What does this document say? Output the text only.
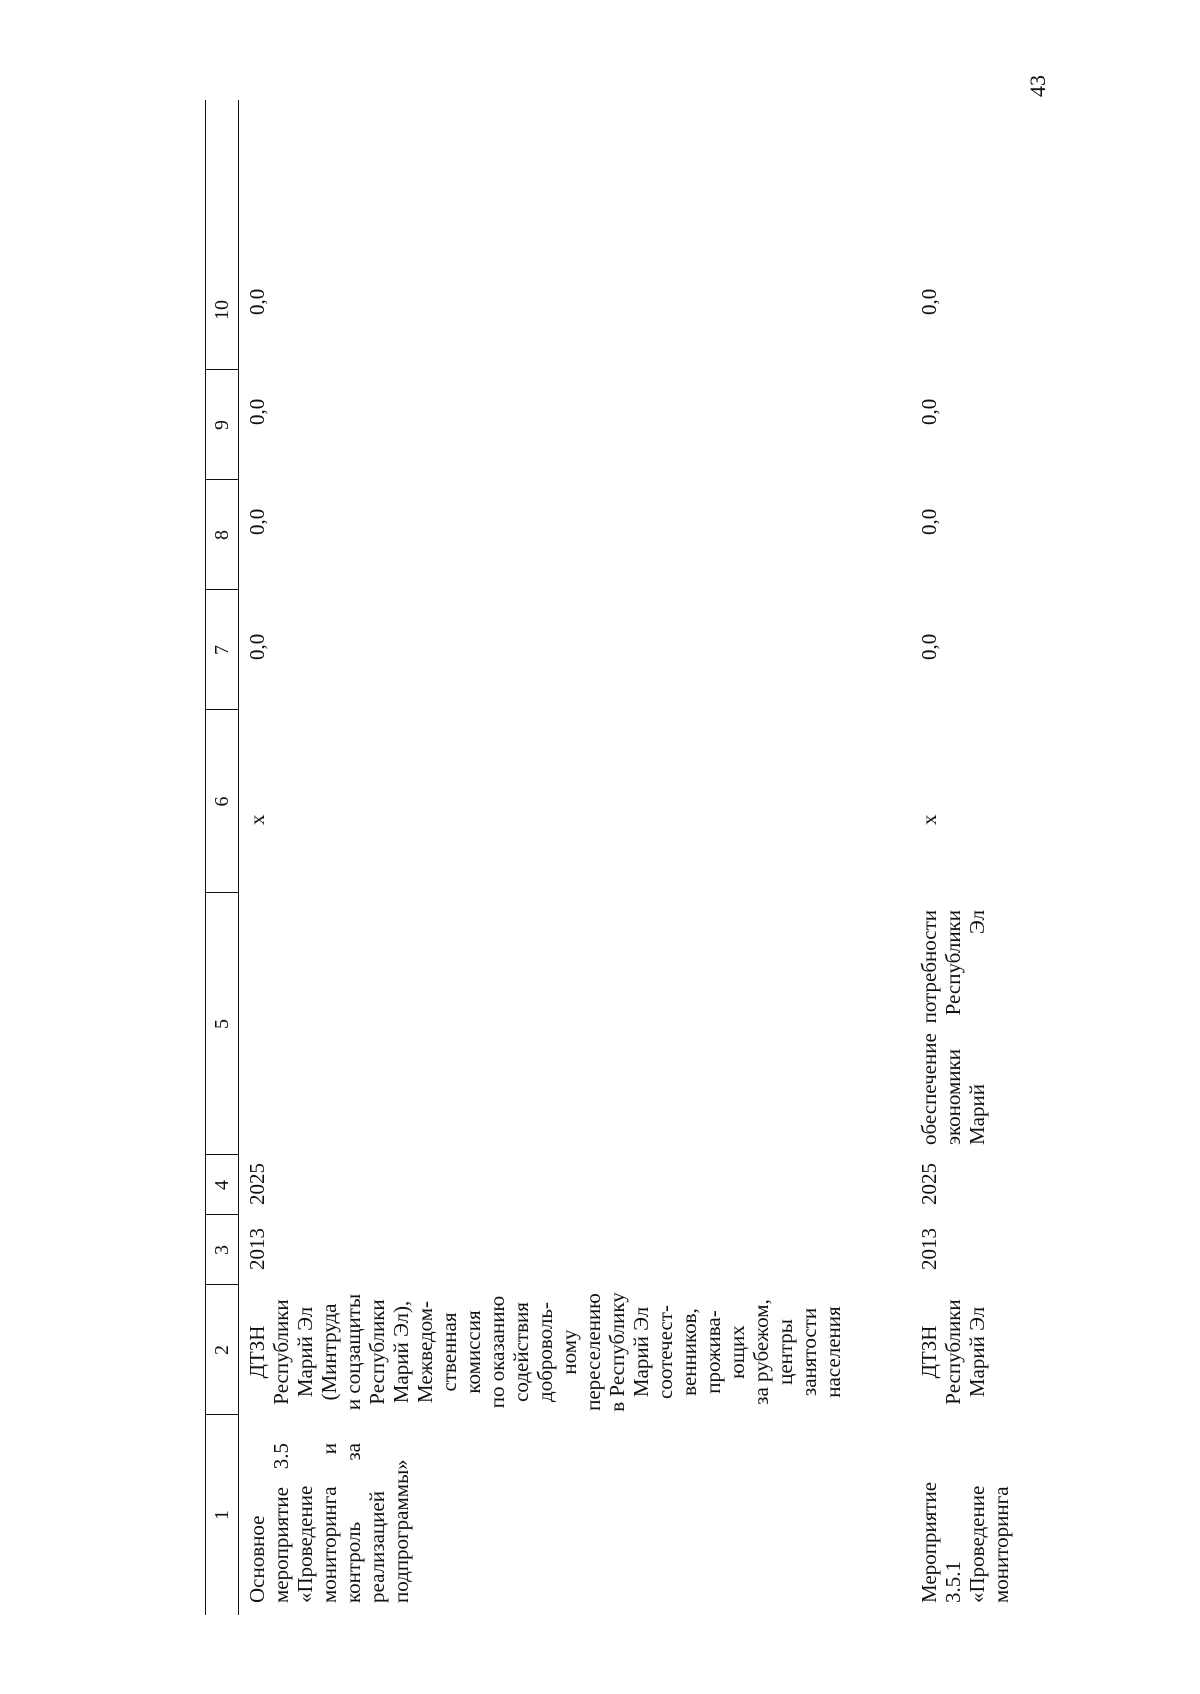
43
1
2
3
4
5
6
7
8
9
10
Основное мероприятие 3.5 «Проведение мониторинга и контроль за реализацией подпрограммы»
ДТЗН
Республики
Марий Эл
(Минтруда
и соцзащиты
Республики
Марий Эл),
Межведом-
ственная
комиссия
по оказанию
содействия
доброволь-
ному
переселению
в Республику
Марий Эл
соотечест-
венников,
прожива-
ющих
за рубежом,
центры
занятости
населения
2013
2025
x
0,0
0,0
0,0
0,0
Мероприятие 3.5.1 «Проведение мониторинга
ДТЗН
Республики
Марий Эл
2013
2025
обеспечение потребности экономики Республики Марий Эл
x
0,0
0,0
0,0
0,0
